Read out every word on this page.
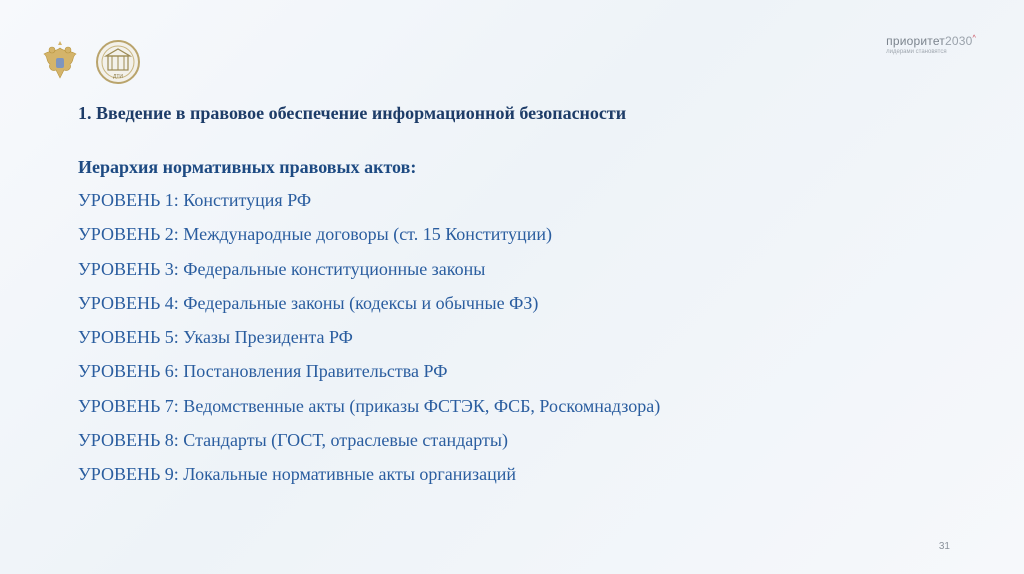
ДТИ
приоритет2030^
лидерами становятся
1. Введение в правовое обеспечение информационной безопасности
Иерархия нормативных правовых актов:
УРОВЕНЬ 1: Конституция РФ
УРОВЕНЬ 2: Международные договоры (ст. 15 Конституции)
УРОВЕНЬ 3: Федеральные конституционные законы
УРОВЕНЬ 4: Федеральные законы (кодексы и обычные ФЗ)
УРОВЕНЬ 5: Указы Президента РФ
УРОВЕНЬ 6: Постановления Правительства РФ
УРОВЕНЬ 7: Ведомственные акты (приказы ФСТЭК, ФСБ, Роскомнадзора)
УРОВЕНЬ 8: Стандарты (ГОСТ, отраслевые стандарты)
УРОВЕНЬ 9: Локальные нормативные акты организаций
31
